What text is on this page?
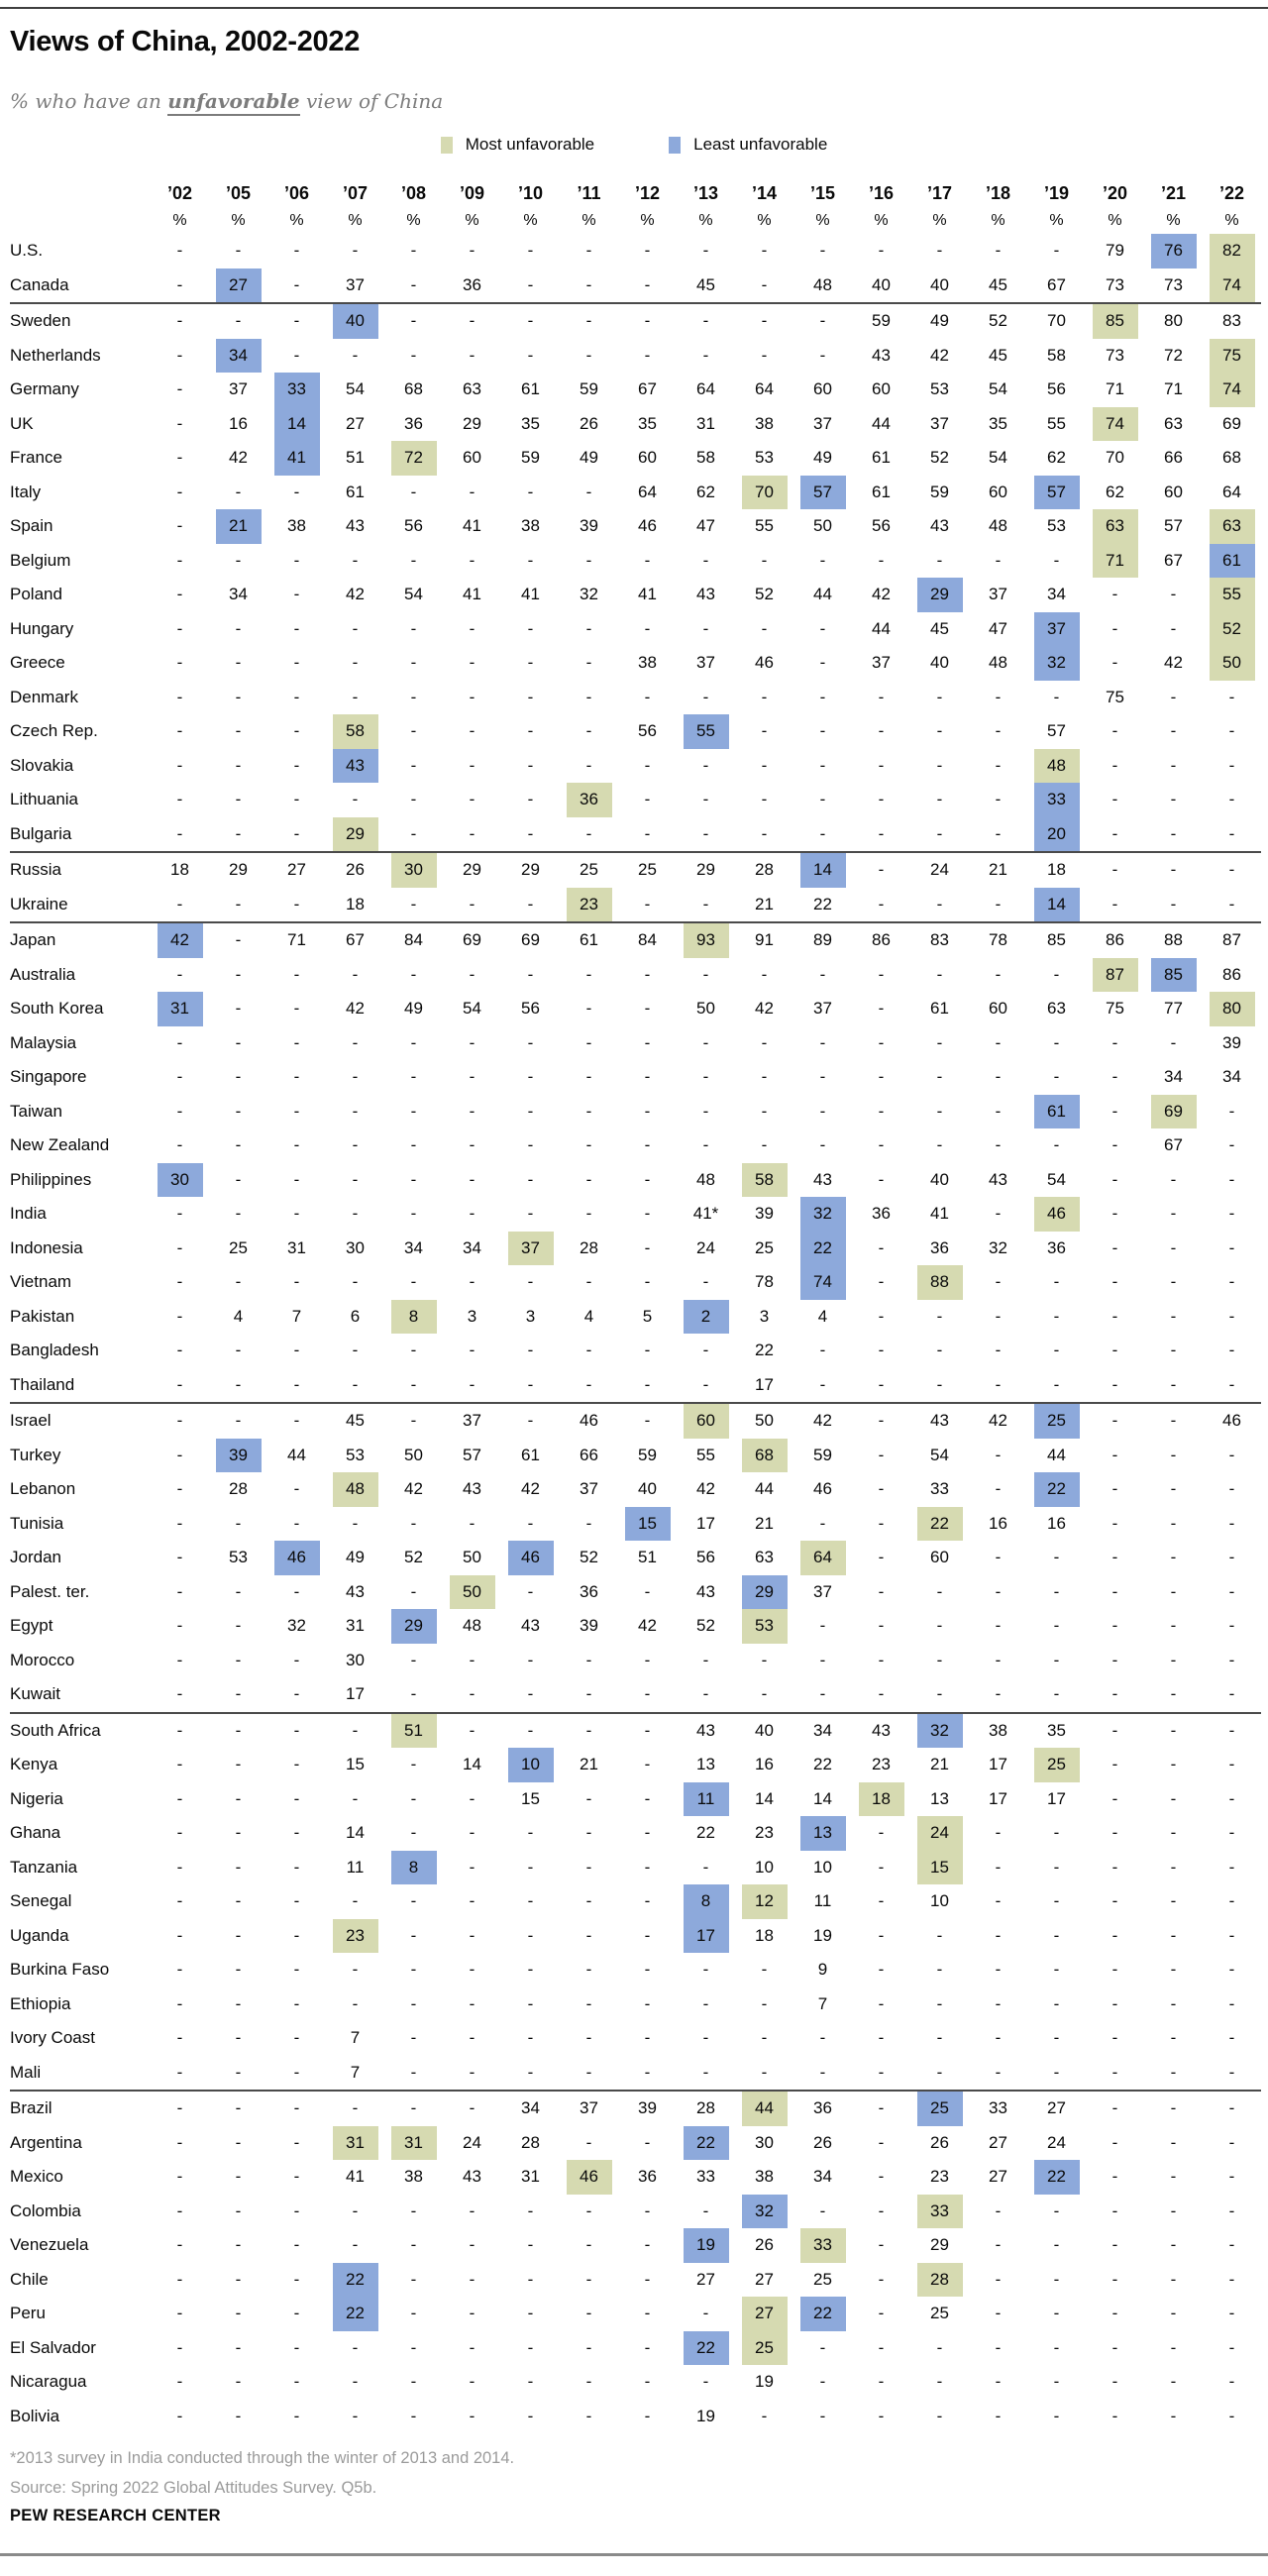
Views of China, 2002-2022

% who have an unfavorable view of China

Most unfavorable	Least unfavorable
’02	’05	’06	’07	’08	’09	’10	’11	’12	’13	’14	’15	’16	’17	’18	’19	’20	’21	’22
%	%	%	%	%	%	%	%	%	%	%	%	%	%	%	%	%	%	%
U.S.	-	-	-	-	-	-	-	-	-	-	-	-	-	-	-	-	79	76	82
Canada	-	27	-	37	-	36	-	-	-	45	-	48	40	40	45	67	73	73	74
Sweden	-	-	-	40	-	-	-	-	-	-	-	-	59	49	52	70	85	80	83
Netherlands	-	34	-	-	-	-	-	-	-	-	-	-	43	42	45	58	73	72	75
Germany	-	37	33	54	68	63	61	59	67	64	64	60	60	53	54	56	71	71	74
UK	-	16	14	27	36	29	35	26	35	31	38	37	44	37	35	55	74	63	69
France	-	42	41	51	72	60	59	49	60	58	53	49	61	52	54	62	70	66	68
Italy	-	-	-	61	-	-	-	-	64	62	70	57	61	59	60	57	62	60	64
Spain	-	21	38	43	56	41	38	39	46	47	55	50	56	43	48	53	63	57	63
Belgium	-	-	-	-	-	-	-	-	-	-	-	-	-	-	-	-	71	67	61
Poland	-	34	-	42	54	41	41	32	41	43	52	44	42	29	37	34	-	-	55
Hungary	-	-	-	-	-	-	-	-	-	-	-	-	44	45	47	37	-	-	52
Greece	-	-	-	-	-	-	-	-	38	37	46	-	37	40	48	32	-	42	50
Denmark	-	-	-	-	-	-	-	-	-	-	-	-	-	-	-	-	75	-	-
Czech Rep.	-	-	-	58	-	-	-	-	56	55	-	-	-	-	-	57	-	-	-
Slovakia	-	-	-	43	-	-	-	-	-	-	-	-	-	-	-	48	-	-	-
Lithuania	-	-	-	-	-	-	-	36	-	-	-	-	-	-	-	33	-	-	-
Bulgaria	-	-	-	29	-	-	-	-	-	-	-	-	-	-	-	20	-	-	-
Russia	18	29	27	26	30	29	29	25	25	29	28	14	-	24	21	18	-	-	-
Ukraine	-	-	-	18	-	-	-	23	-	-	21	22	-	-	-	14	-	-	-
Japan	42	-	71	67	84	69	69	61	84	93	91	89	86	83	78	85	86	88	87
Australia	-	-	-	-	-	-	-	-	-	-	-	-	-	-	-	-	87	85	86
South Korea	31	-	-	42	49	54	56	-	-	50	42	37	-	61	60	63	75	77	80
Malaysia	-	-	-	-	-	-	-	-	-	-	-	-	-	-	-	-	-	-	39
Singapore	-	-	-	-	-	-	-	-	-	-	-	-	-	-	-	-	-	34	34
Taiwan	-	-	-	-	-	-	-	-	-	-	-	-	-	-	-	61	-	69	-
New Zealand	-	-	-	-	-	-	-	-	-	-	-	-	-	-	-	-	-	67	-
Philippines	30	-	-	-	-	-	-	-	-	48	58	43	-	40	43	54	-	-	-
India	-	-	-	-	-	-	-	-	-	41*	39	32	36	41	-	46	-	-	-
Indonesia	-	25	31	30	34	34	37	28	-	24	25	22	-	36	32	36	-	-	-
Vietnam	-	-	-	-	-	-	-	-	-	-	78	74	-	88	-	-	-	-	-
Pakistan	-	4	7	6	8	3	3	4	5	2	3	4	-	-	-	-	-	-	-
Bangladesh	-	-	-	-	-	-	-	-	-	-	22	-	-	-	-	-	-	-	-
Thailand	-	-	-	-	-	-	-	-	-	-	17	-	-	-	-	-	-	-	-
Israel	-	-	-	45	-	37	-	46	-	60	50	42	-	43	42	25	-	-	46
Turkey	-	39	44	53	50	57	61	66	59	55	68	59	-	54	-	44	-	-	-
Lebanon	-	28	-	48	42	43	42	37	40	42	44	46	-	33	-	22	-	-	-
Tunisia	-	-	-	-	-	-	-	-	15	17	21	-	-	22	16	16	-	-	-
Jordan	-	53	46	49	52	50	46	52	51	56	63	64	-	60	-	-	-	-	-
Palest. ter.	-	-	-	43	-	50	-	36	-	43	29	37	-	-	-	-	-	-	-
Egypt	-	-	32	31	29	48	43	39	42	52	53	-	-	-	-	-	-	-	-
Morocco	-	-	-	30	-	-	-	-	-	-	-	-	-	-	-	-	-	-	-
Kuwait	-	-	-	17	-	-	-	-	-	-	-	-	-	-	-	-	-	-	-
South Africa	-	-	-	-	51	-	-	-	-	43	40	34	43	32	38	35	-	-	-
Kenya	-	-	-	15	-	14	10	21	-	13	16	22	23	21	17	25	-	-	-
Nigeria	-	-	-	-	-	-	15	-	-	11	14	14	18	13	17	17	-	-	-
Ghana	-	-	-	14	-	-	-	-	-	22	23	13	-	24	-	-	-	-	-
Tanzania	-	-	-	11	8	-	-	-	-	-	10	10	-	15	-	-	-	-	-
Senegal	-	-	-	-	-	-	-	-	-	8	12	11	-	10	-	-	-	-	-
Uganda	-	-	-	23	-	-	-	-	-	17	18	19	-	-	-	-	-	-	-
Burkina Faso	-	-	-	-	-	-	-	-	-	-	-	9	-	-	-	-	-	-	-
Ethiopia	-	-	-	-	-	-	-	-	-	-	-	7	-	-	-	-	-	-	-
Ivory Coast	-	-	-	7	-	-	-	-	-	-	-	-	-	-	-	-	-	-	-
Mali	-	-	-	7	-	-	-	-	-	-	-	-	-	-	-	-	-	-	-
Brazil	-	-	-	-	-	-	34	37	39	28	44	36	-	25	33	27	-	-	-
Argentina	-	-	-	31	31	24	28	-	-	22	30	26	-	26	27	24	-	-	-
Mexico	-	-	-	41	38	43	31	46	36	33	38	34	-	23	27	22	-	-	-
Colombia	-	-	-	-	-	-	-	-	-	-	32	-	-	33	-	-	-	-	-
Venezuela	-	-	-	-	-	-	-	-	-	19	26	33	-	29	-	-	-	-	-
Chile	-	-	-	22	-	-	-	-	-	27	27	25	-	28	-	-	-	-	-
Peru	-	-	-	22	-	-	-	-	-	-	27	22	-	25	-	-	-	-	-
El Salvador	-	-	-	-	-	-	-	-	-	22	25	-	-	-	-	-	-	-	-
Nicaragua	-	-	-	-	-	-	-	-	-	-	19	-	-	-	-	-	-	-	-
Bolivia	-	-	-	-	-	-	-	-	-	19	-	-	-	-	-	-	-	-	-
*2013 survey in India conducted through the winter of 2013 and 2014.
Source: Spring 2022 Global Attitudes Survey. Q5b.
PEW RESEARCH CENTER
